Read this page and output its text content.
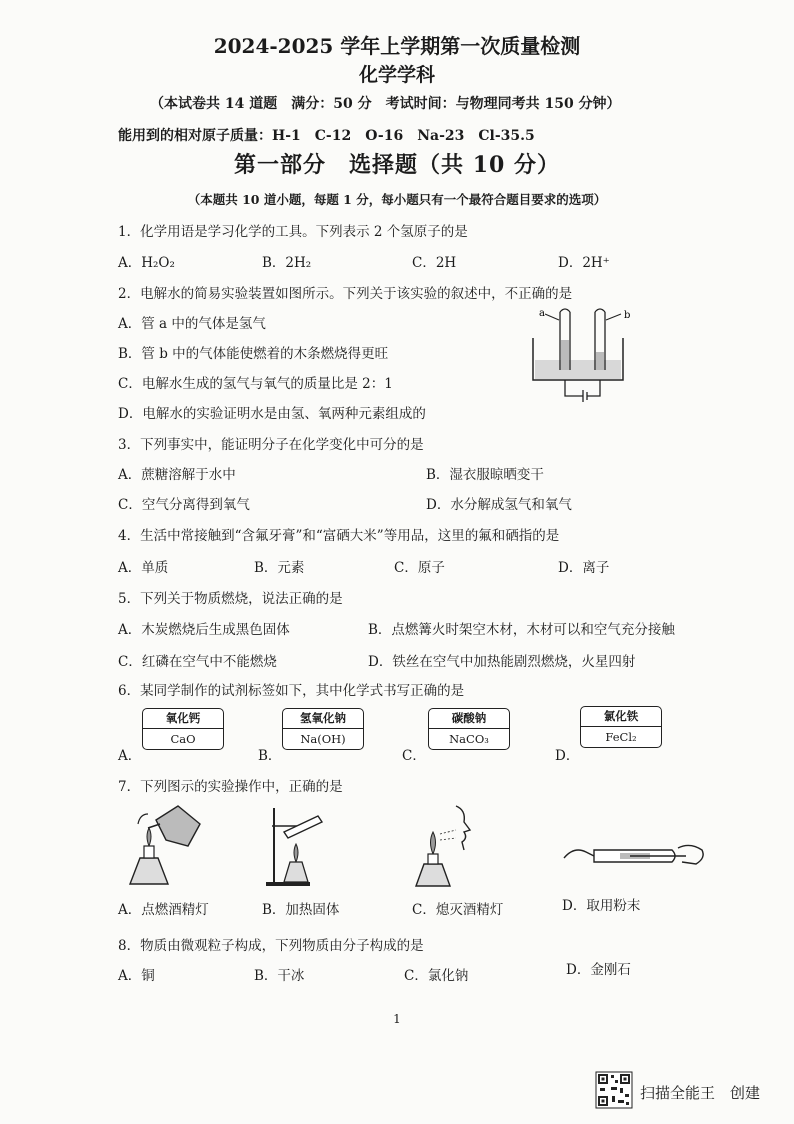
2024-2025 学年上学期第一次质量检测
化学学科
（本试卷共 14 道题　满分：50 分　考试时间：与物理同考共 150 分钟）
能用到的相对原子质量：H-1　C-12　O-16　Na-23　Cl-35.5
第一部分　选择题（共 10 分）
（本题共 10 道小题，每题 1 分，每小题只有一个最符合题目要求的选项）
1．化学用语是学习化学的工具。下列表示 2 个氢原子的是
A．H₂O₂	B．2H₂	C．2H	D．2H⁺
2．电解水的简易实验装置如图所示。下列关于该实验的叙述中，不正确的是
A．管 a 中的气体是氢气
B．管 b 中的气体能使燃着的木条燃烧得更旺
C．电解水生成的氢气与氧气的质量比是 2：1
D．电解水的实验证明水是由氢、氧两种元素组成的
a	b
3．下列事实中，能证明分子在化学变化中可分的是
A．蔗糖溶解于水中	B．湿衣服晾晒变干
C．空气分离得到氧气	D．水分解成氢气和氧气
4．生活中常接触到“含氟牙膏”和“富硒大米”等用品，这里的氟和硒指的是
A．单质	B．元素	C．原子	D．离子
5．下列关于物质燃烧，说法正确的是
A．木炭燃烧后生成黑色固体	B．点燃篝火时架空木材，木材可以和空气充分接触
C．红磷在空气中不能燃烧	D．铁丝在空气中加热能剧烈燃烧，火星四射
6．某同学制作的试剂标签如下，其中化学式书写正确的是
A．
氧化钙
CaO
B．
氢氧化钠
Na(OH)
C．
碳酸钠
NaCO₃
D．
氯化铁
FeCl₂
7．下列图示的实验操作中，正确的是
A．点燃酒精灯	B．加热固体	C．熄灭酒精灯	D．取用粉末
8．物质由微观粒子构成，下列物质由分子构成的是
A．铜	B．干冰	C．氯化钠	D．金刚石
1
扫描全能王　创建
